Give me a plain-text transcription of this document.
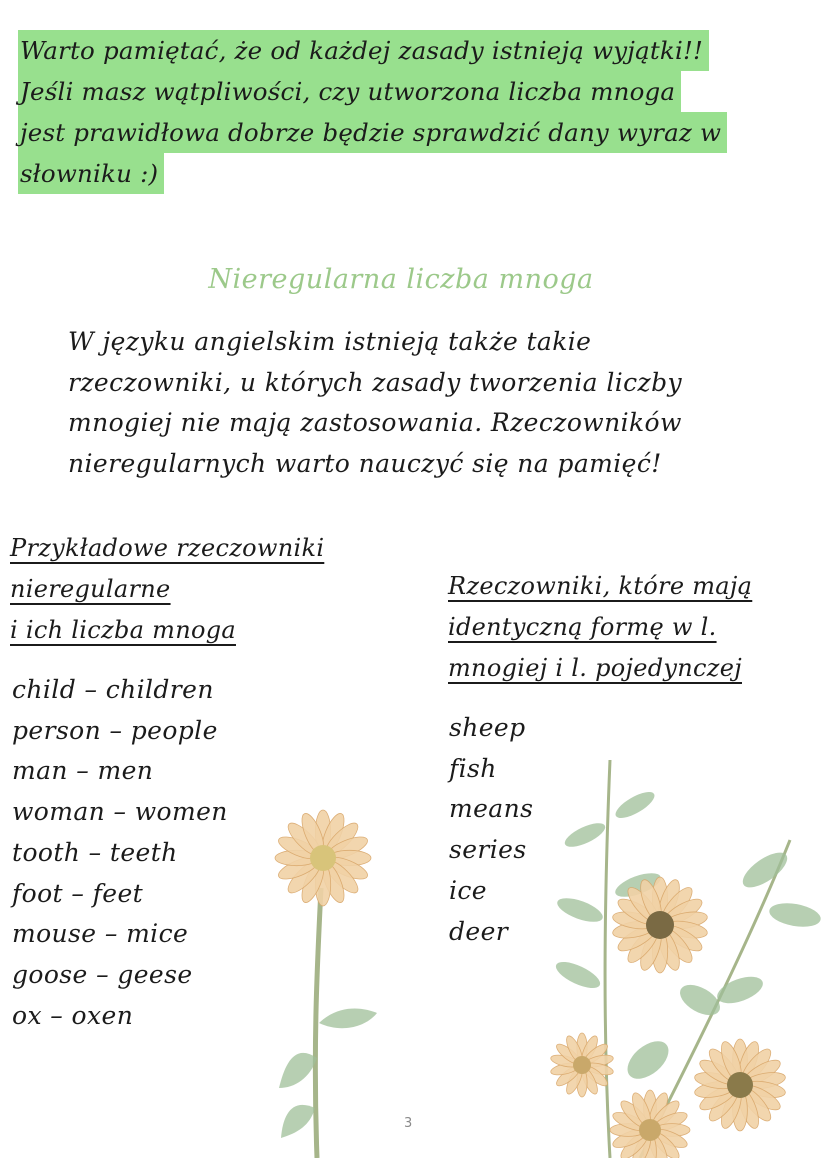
Warto pamiętać, że od każdej zasady istnieją wyjątki!!
Jeśli masz wątpliwości, czy utworzona liczba mnoga
jest prawidłowa dobrze będzie sprawdzić dany wyraz w
słowniku :)
Nieregularna liczba mnoga
W języku angielskim istnieją także takie
rzeczowniki, u których zasady tworzenia liczby
mnogiej nie mają zastosowania. Rzeczowników
nieregularnych warto nauczyć się na pamięć!
Przykładowe rzeczowniki
nieregularne
i ich liczba mnoga
child – children
person – people
man – men
woman – women
tooth – teeth
foot – feet
mouse – mice
goose – geese
ox – oxen
Rzeczowniki, które mają
identyczną formę w l.
mnogiej i l. pojedynczej
sheep
fish
means
series
ice
deer
3
